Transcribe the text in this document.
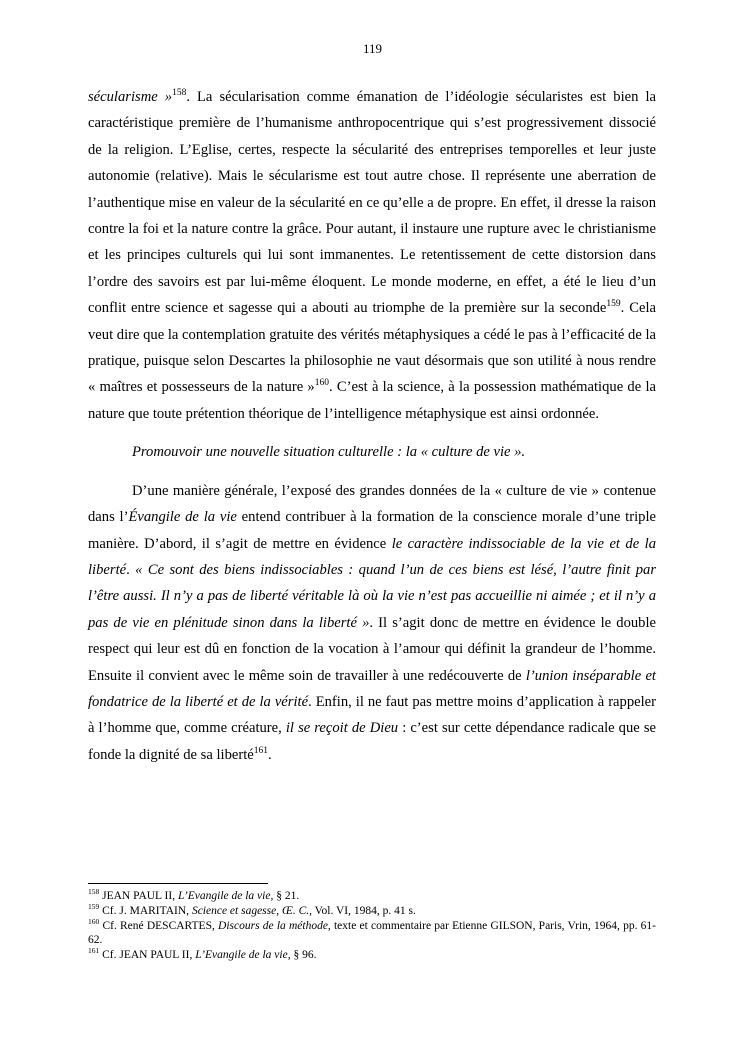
119

sécularisme »$^{158}$. La sécularisation comme émanation de l’idéologie sécularistes est bien la caractéristique première de l’humanisme anthropocentrique qui s’est progressivement dissocié de la religion. L’Eglise, certes, respecte la sécularité des entreprises temporelles et leur juste autonomie (relative). Mais le sécularisme est tout autre chose. Il représente une aberration de l’authentique mise en valeur de la sécularité en ce qu’elle a de propre. En effet, il dresse la raison contre la foi et la nature contre la grâce. Pour autant, il instaure une rupture avec le christianisme et les principes culturels qui lui sont immanentes. Le retentissement de cette distorsion dans l’ordre des savoirs est par lui-même éloquent. Le monde moderne, en effet, a été le lieu d’un conflit entre science et sagesse qui a abouti au triomphe de la première sur la seconde$^{159}$. Cela veut dire que la contemplation gratuite des vérités métaphysiques a cédé le pas à l’efficacité de la pratique, puisque selon Descartes la philosophie ne vaut désormais que son utilité à nous rendre « maîtres et possesseurs de la nature »$^{160}$. C’est à la science, à la possession mathématique de la nature que toute prétention théorique de l’intelligence métaphysique est ainsi ordonnée.

Promouvoir une nouvelle situation culturelle : la « culture de vie ».

D’une manière générale, l’exposé des grandes données de la « culture de vie » contenue dans l’Évangile de la vie entend contribuer à la formation de la conscience morale d’une triple manière. D’abord, il s’agit de mettre en évidence le caractère indissociable de la vie et de la liberté. « Ce sont des biens indissociables : quand l’un de ces biens est lésé, l’autre finit par l’être aussi. Il n’y a pas de liberté véritable là où la vie n’est pas accueillie ni aimée ; et il n’y a pas de vie en plénitude sinon dans la liberté ». Il s’agit donc de mettre en évidence le double respect qui leur est dû en fonction de la vocation à l’amour qui définit la grandeur de l’homme. Ensuite il convient avec le même soin de travailler à une redécouverte de l’union inséparable et fondatrice de la liberté et de la vérité. Enfin, il ne faut pas mettre moins d’application à rappeler à l’homme que, comme créature, il se reçoit de Dieu : c’est sur cette dépendance radicale que se fonde la dignité de sa liberté$^{161}$.

$^{158}$ JEAN PAUL II, L’Evangile de la vie, § 21.

$^{159}$ Cf. J. MARITAIN, Science et sagesse, Œ. C., Vol. VI, 1984, p. 41 s.

$^{160}$ Cf. René DESCARTES, Discours de la méthode, texte et commentaire par Etienne GILSON, Paris, Vrin, 1964, pp. 61-62.

$^{161}$ Cf. JEAN PAUL II, L’Evangile de la vie, § 96.
